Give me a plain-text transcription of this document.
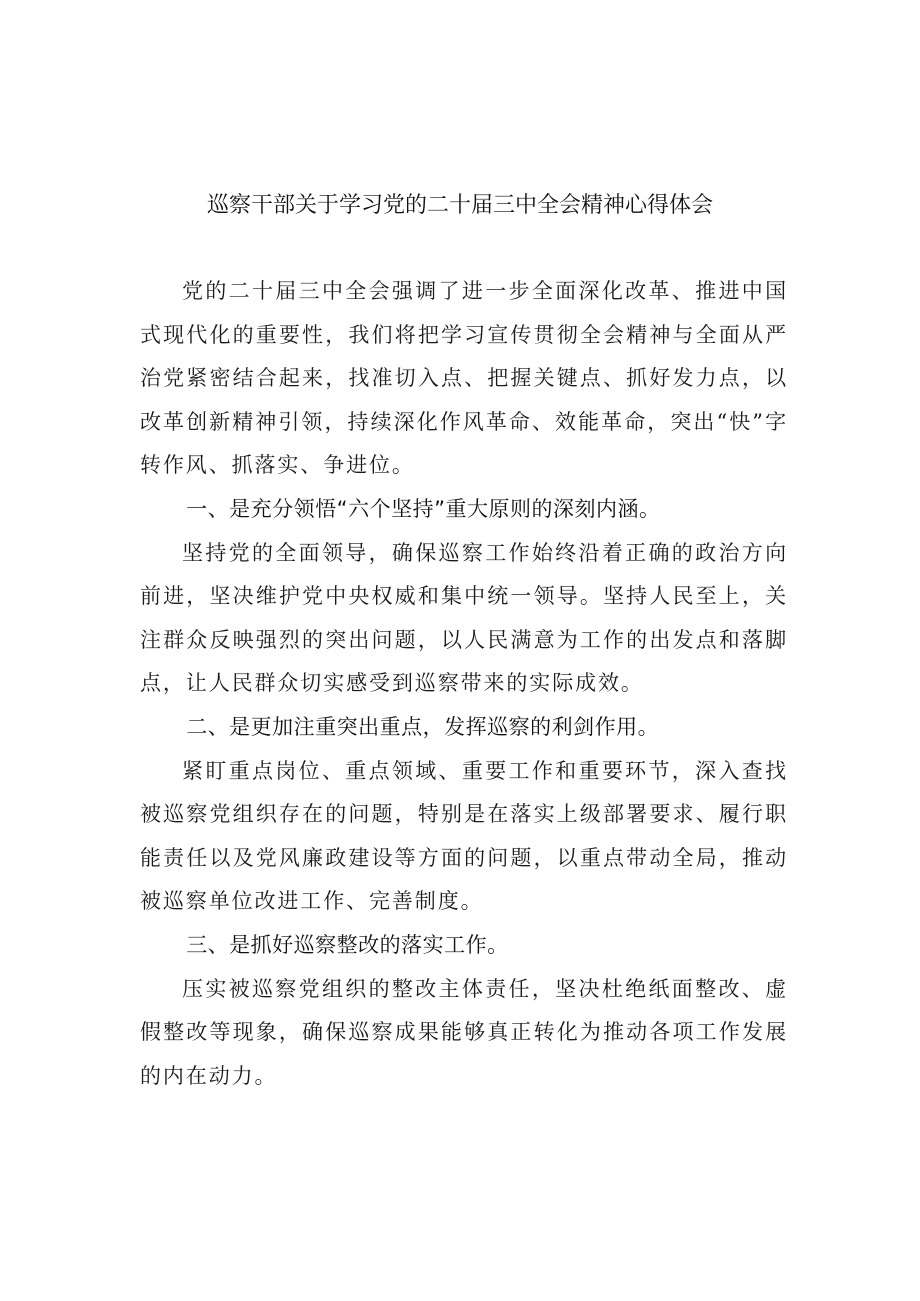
巡察干部关于学习党的二十届三中全会精神心得体会

党的二十届三中全会强调了进一步全面深化改革、推进中国式现代化的重要性，我们将把学习宣传贯彻全会精神与全面从严治党紧密结合起来，找准切入点、把握关键点、抓好发力点，以改革创新精神引领，持续深化作风革命、效能革命，突出“快”字转作风、抓落实、争进位。

一、是充分领悟“六个坚持”重大原则的深刻内涵。

坚持党的全面领导，确保巡察工作始终沿着正确的政治方向前进，坚决维护党中央权威和集中统一领导。坚持人民至上，关注群众反映强烈的突出问题，以人民满意为工作的出发点和落脚点，让人民群众切实感受到巡察带来的实际成效。

二、是更加注重突出重点，发挥巡察的利剑作用。

紧盯重点岗位、重点领域、重要工作和重要环节，深入查找被巡察党组织存在的问题，特别是在落实上级部署要求、履行职能责任以及党风廉政建设等方面的问题，以重点带动全局，推动被巡察单位改进工作、完善制度。

三、是抓好巡察整改的落实工作。

压实被巡察党组织的整改主体责任，坚决杜绝纸面整改、虚假整改等现象，确保巡察成果能够真正转化为推动各项工作发展的内在动力。
